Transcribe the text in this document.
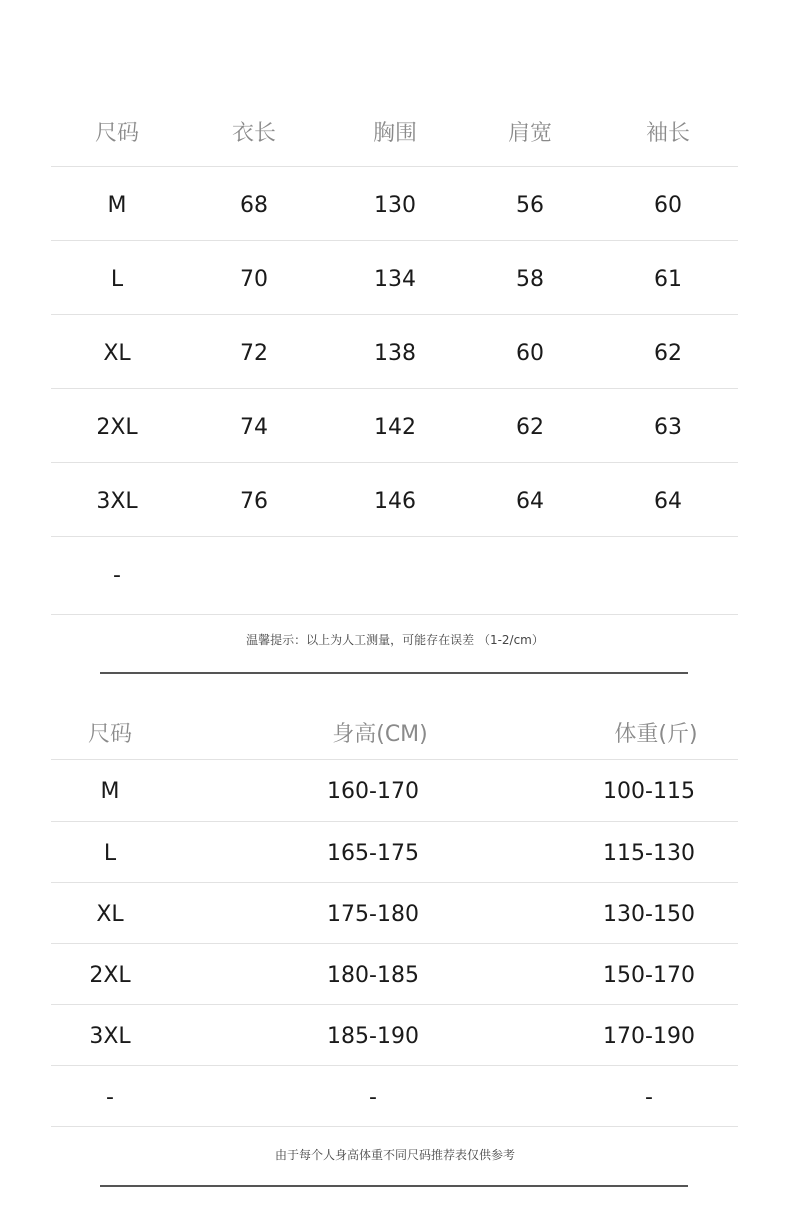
尺码	衣长	胸围	肩宽	袖长
M	68	130	56	60
L	70	134	58	61
XL	72	138	60	62
2XL	74	142	62	63
3XL	76	146	64	64
-
温馨提示：以上为人工测量，可能存在误差 （1-2/cm）
尺码	身高(CM)	体重(斤)
M	160-170	100-115
L	165-175	115-130
XL	175-180	130-150
2XL	180-185	150-170
3XL	185-190	170-190
-	-	-
由于每个人身高体重不同尺码推荐表仅供参考
